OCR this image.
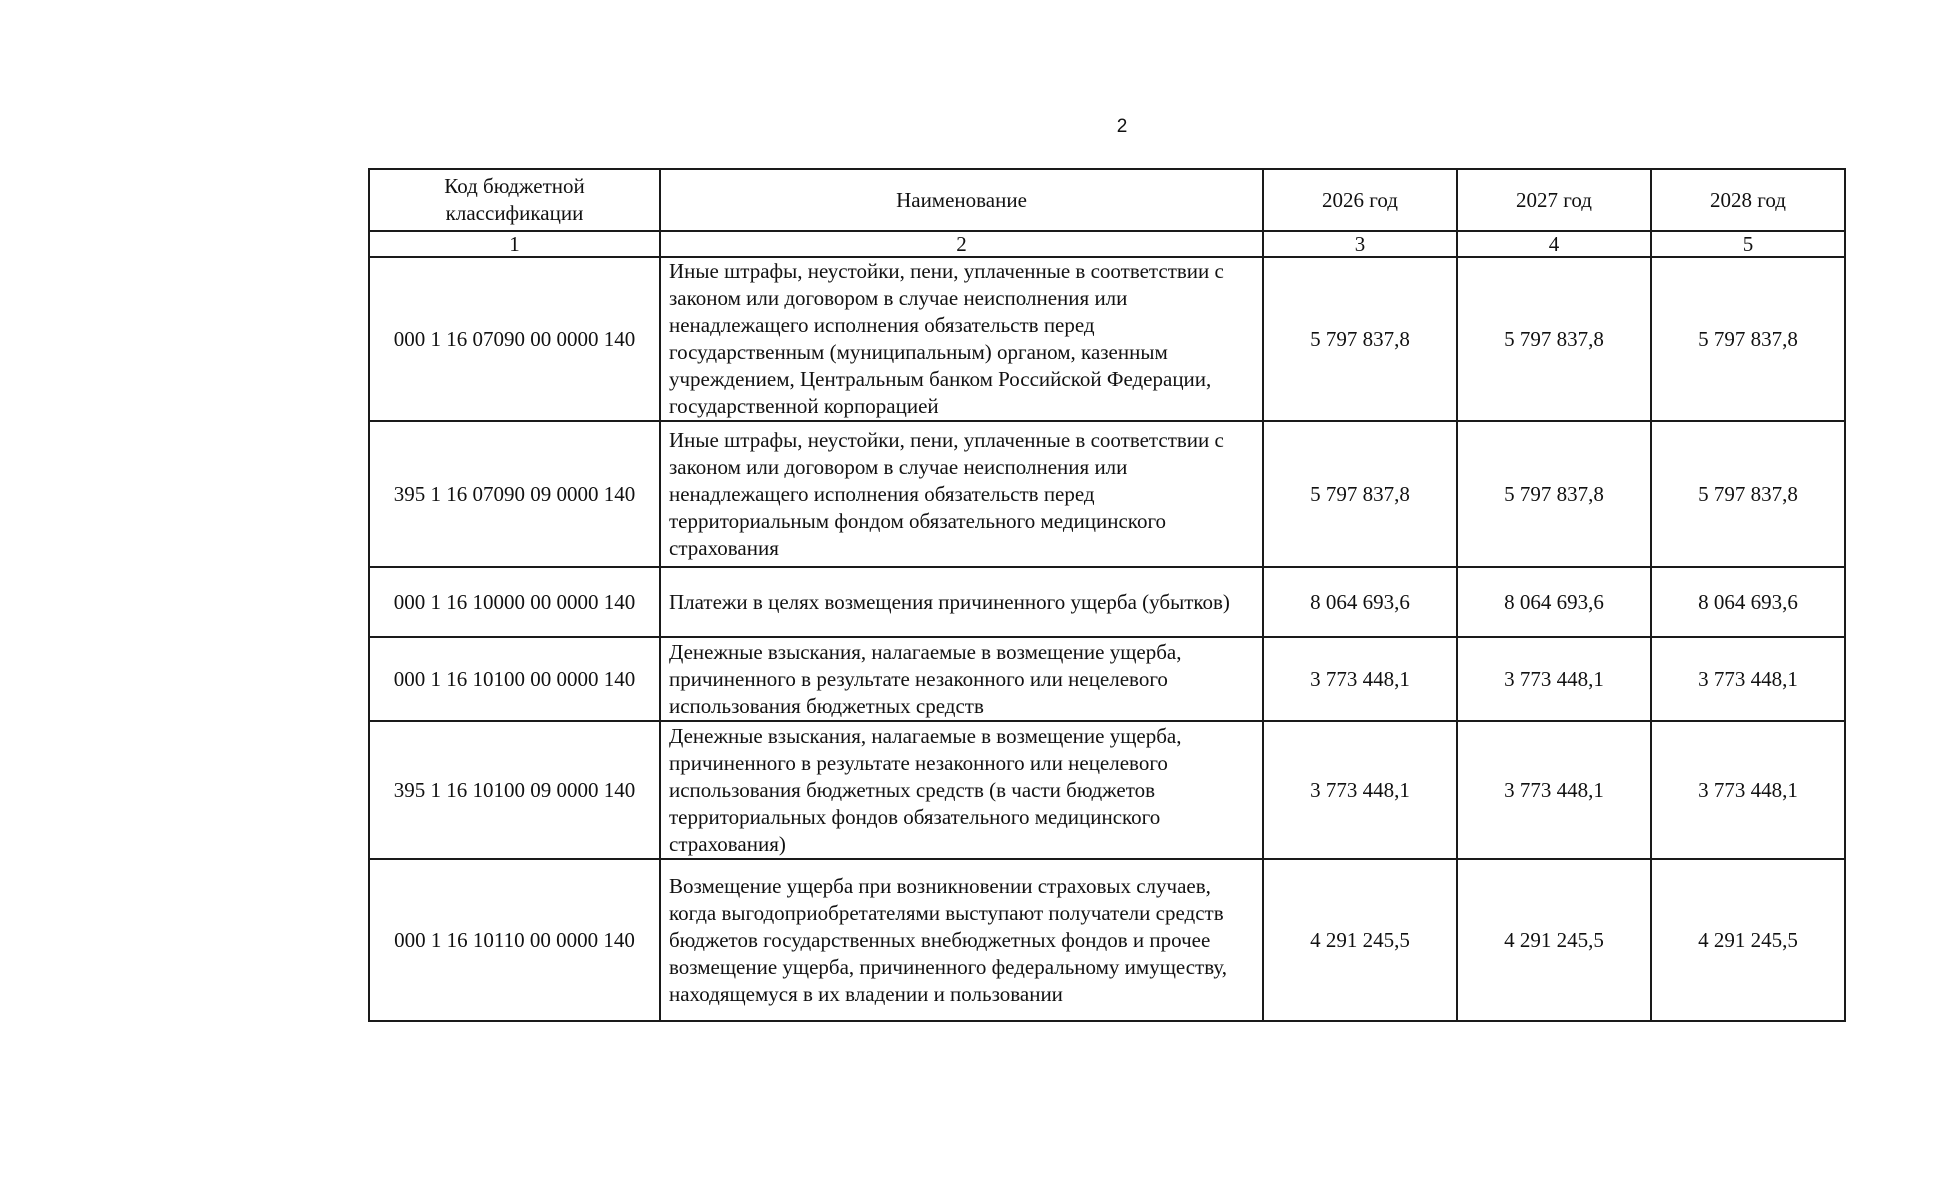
2
Код бюджетной классификации	Наименование	2026 год	2027 год	2028 год
1	2	3	4	5
000 1 16 07090 00 0000 140	Иные штрафы, неустойки, пени, уплаченные в соответствии с законом или договором в случае неисполнения или ненадлежащего исполнения обязательств перед государственным (муниципальным) органом, казенным учреждением, Центральным банком Российской Федерации, государственной корпорацией	5 797 837,8	5 797 837,8	5 797 837,8
395 1 16 07090 09 0000 140	Иные штрафы, неустойки, пени, уплаченные в соответствии с законом или договором в случае неисполнения или ненадлежащего исполнения обязательств перед территориальным фондом обязательного медицинского страхования	5 797 837,8	5 797 837,8	5 797 837,8
000 1 16 10000 00 0000 140	Платежи в целях возмещения причиненного ущерба (убытков)	8 064 693,6	8 064 693,6	8 064 693,6
000 1 16 10100 00 0000 140	Денежные взыскания, налагаемые в возмещение ущерба, причиненного в результате незаконного или нецелевого использования бюджетных средств	3 773 448,1	3 773 448,1	3 773 448,1
395 1 16 10100 09 0000 140	Денежные взыскания, налагаемые в возмещение ущерба, причиненного в результате незаконного или нецелевого использования бюджетных средств (в части бюджетов территориальных фондов обязательного медицинского страхования)	3 773 448,1	3 773 448,1	3 773 448,1
000 1 16 10110 00 0000 140	Возмещение ущерба при возникновении страховых случаев, когда выгодоприобретателями выступают получатели средств бюджетов государственных внебюджетных фондов и прочее возмещение ущерба, причиненного федеральному имуществу, находящемуся в их владении и пользовании	4 291 245,5	4 291 245,5	4 291 245,5
